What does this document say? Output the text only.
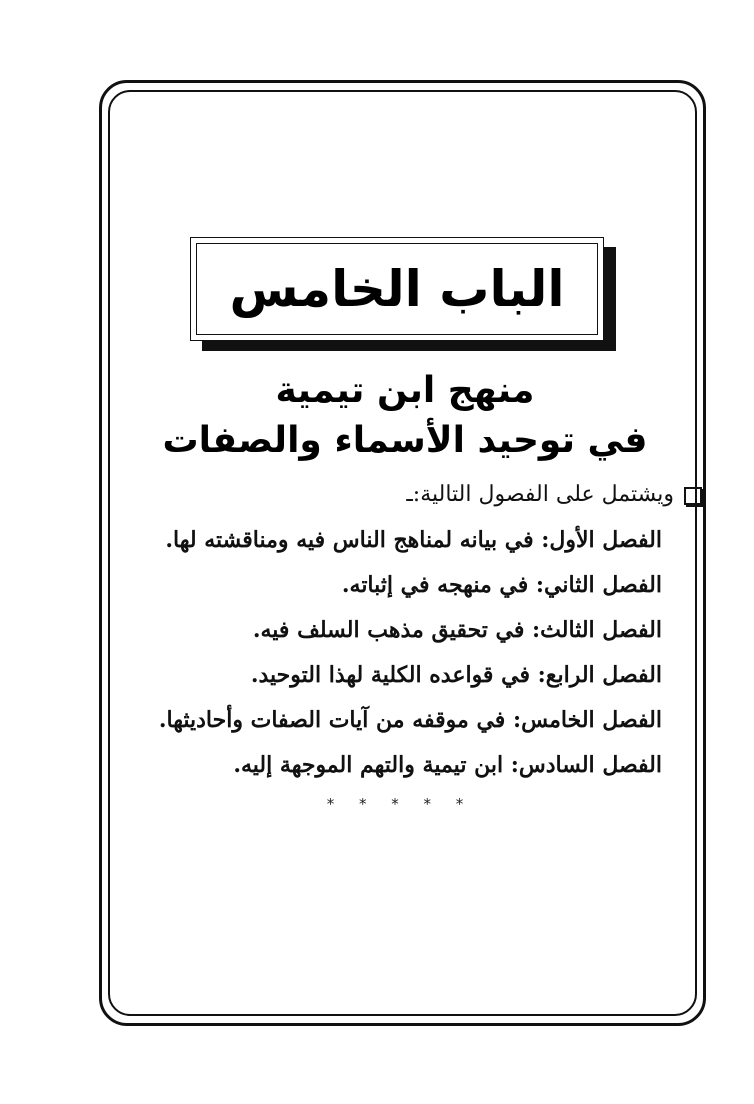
الباب الخامس
منهج ابن تيمية
في توحيد الأسماء والصفات
ويشتمل على الفصول التالية:ـ
الفصل الأول: في بيانه لمناهج الناس فيه ومناقشته لها.
الفصل الثاني: في منهجه في إثباته.
الفصل الثالث: في تحقيق مذهب السلف فيه.
الفصل الرابع: في قواعده الكلية لهذا التوحيد.
الفصل الخامس: في موقفه من آيات الصفات وأحاديثها.
الفصل السادس: ابن تيمية والتهم الموجهة إليه.
* * * * *
